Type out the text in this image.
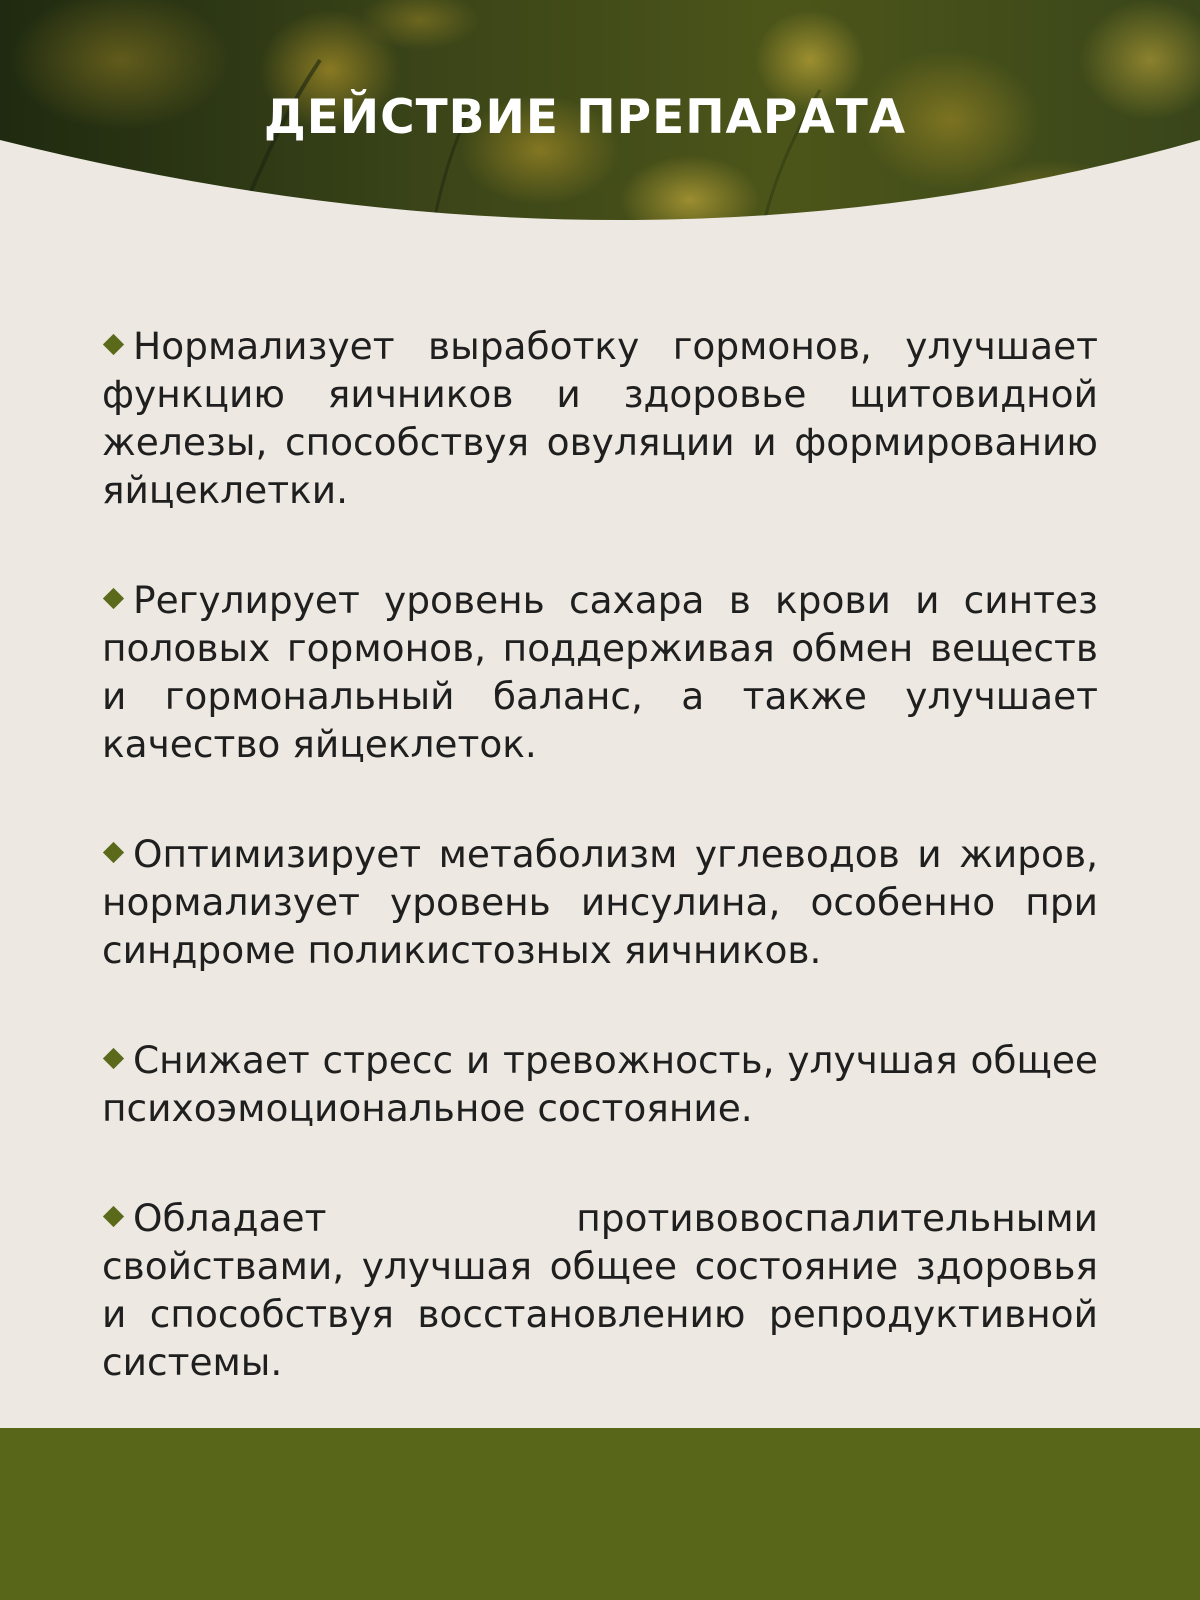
ДЕЙСТВИЕ ПРЕПАРАТА

Нормализует выработку гормонов, улучшает функцию яичников и здоровье щитовидной железы, способствуя овуляции и формированию яйцеклетки.

Регулирует уровень сахара в крови и синтез половых гормонов, поддерживая обмен веществ и гормональный баланс, а также улучшает качество яйцеклеток.

Оптимизирует метаболизм углеводов и жиров, нормализует уровень инсулина, особенно при синдроме поликистозных яичников.

Снижает стресс и тревожность, улучшая общее психоэмоциональное состояние.

Обладает противовоспалительными свойствами, улучшая общее состояние здоровья и способствуя восстановлению репродуктивной системы.
